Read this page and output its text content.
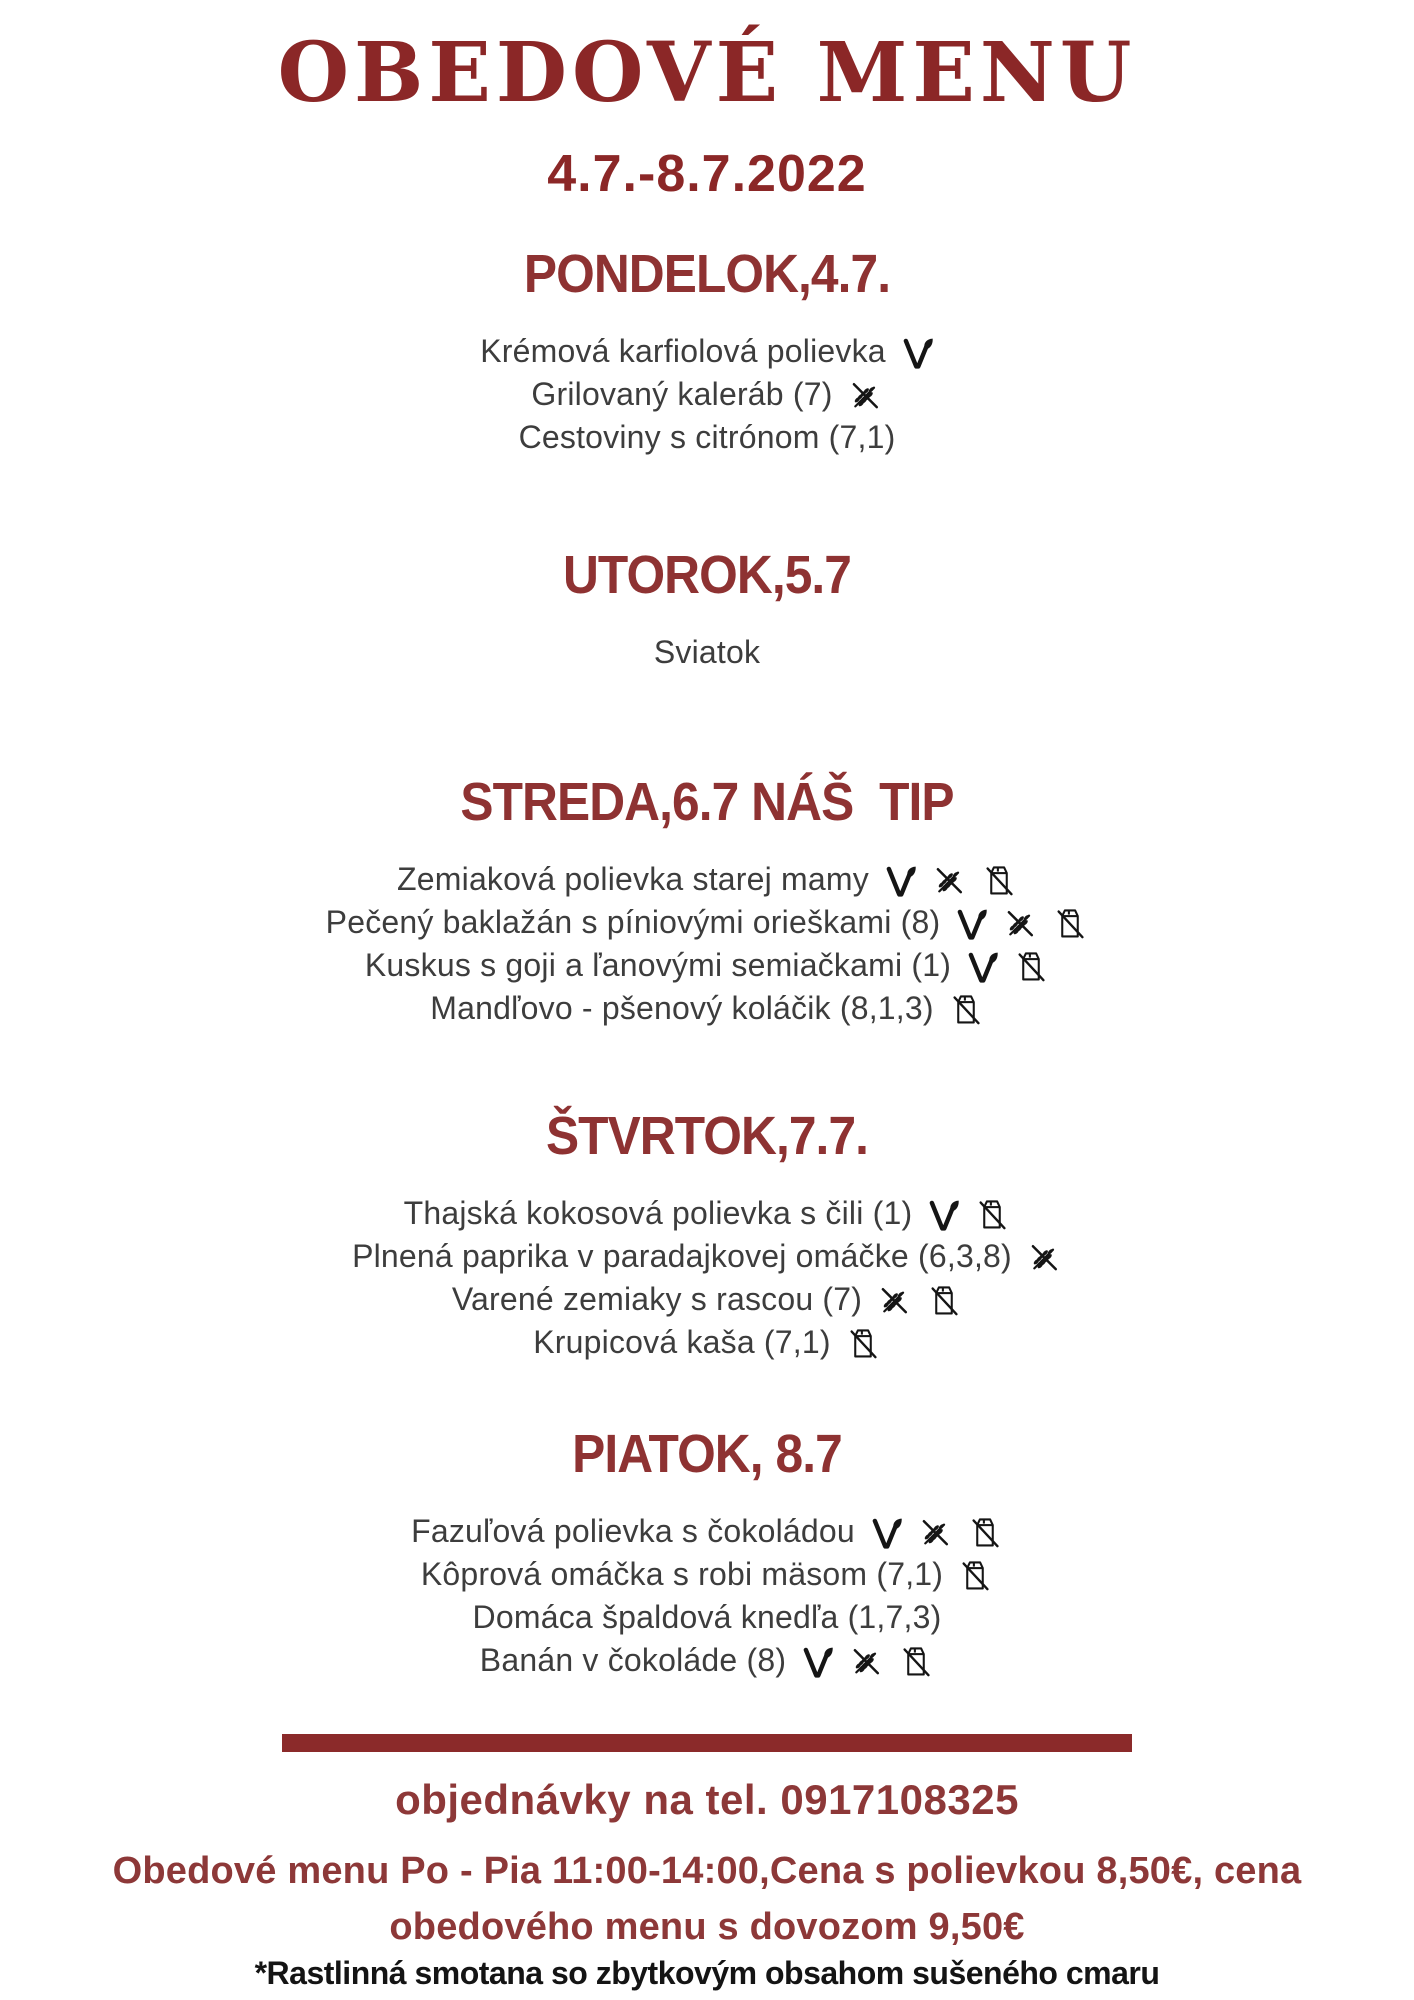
OBEDOVÉ MENU
4.7.-8.7.2022
PONDELOK,4.7.
Krémová karfiolová polievka
Grilovaný kaleráb (7)
Cestoviny s citrónom (7,1)
UTOROK,5.7
Sviatok
STREDA,6.7 NÁŠ  TIP
Zemiaková polievka starej mamy
Pečený baklažán s píniovými orieškami (8)
Kuskus s goji a ľanovými semiačkami (1)
Mandľovo - pšenový koláčik (8,1,3)
ŠTVRTOK,7.7.
Thajská kokosová polievka s čili (1)
Plnená paprika v paradajkovej omáčke (6,3,8)
Varené zemiaky s rascou (7)
Krupicová kaša (7,1)
PIATOK, 8.7
Fazuľová polievka s čokoládou
Kôprová omáčka s robi mäsom (7,1)
Domáca špaldová knedľa (1,7,3)
Banán v čokoláde (8)
objednávky na tel. 0917108325
Obedové menu Po - Pia 11:00-14:00,Cena s polievkou 8,50€, cena
obedového menu s dovozom 9,50€
*Rastlinná smotana so zbytkovým obsahom sušeného cmaru
